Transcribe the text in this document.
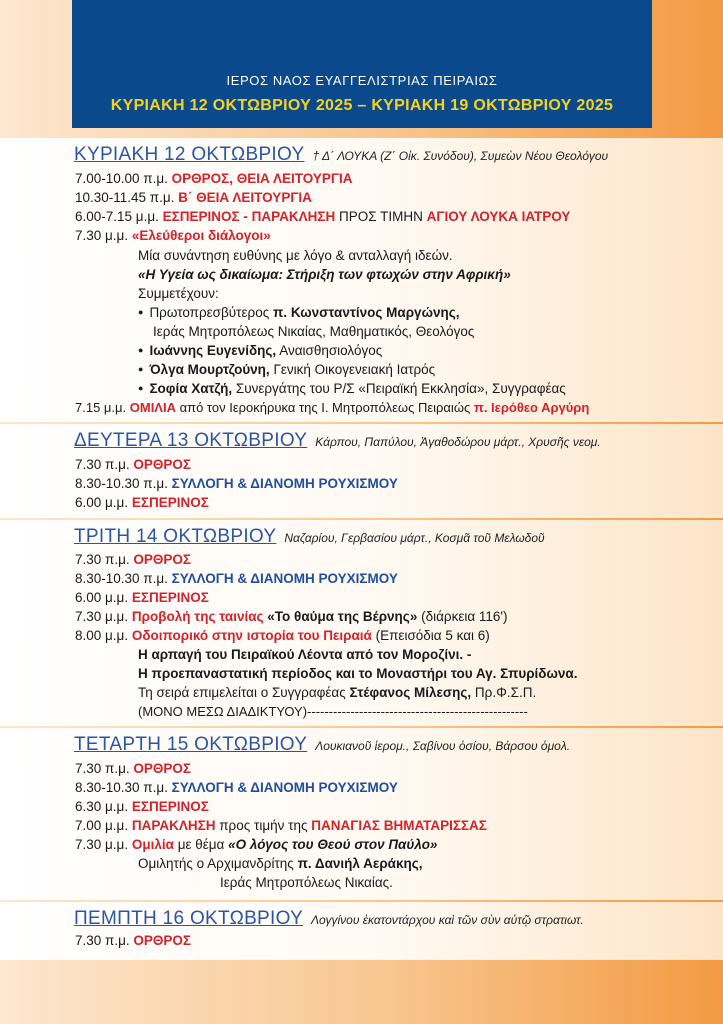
ΙΕΡΟΣ ΝΑΟΣ ΕΥΑΓΓΕΛΙΣΤΡΙΑΣ ΠΕΙΡΑΙΩΣ
ΚΥΡΙΑΚΗ 12 ΟΚΤΩΒΡΙΟΥ 2025 – ΚΥΡΙΑΚΗ 19 ΟΚΤΩΒΡΙΟΥ 2025
ΚΥΡΙΑΚΗ 12 ΟΚΤΩΒΡΙΟΥ † Δ΄ ΛΟΥΚΑ (Ζ΄ Οἰκ. Συνόδου), Συμεὼν Νέου Θεολόγου
7.00-10.00 π.μ. ΟΡΘΡΟΣ, ΘΕΙΑ ΛΕΙΤΟΥΡΓΙΑ
10.30-11.45 π.μ. Β΄ ΘΕΙΑ ΛΕΙΤΟΥΡΓΙΑ
6.00-7.15 μ.μ. ΕΣΠΕΡΙΝΟΣ - ΠΑΡΑΚΛΗΣΗ ΠΡΟΣ ΤΙΜΗΝ ΑΓΙΟΥ ΛΟΥΚΑ ΙΑΤΡΟΥ
7.30 μ.μ. «Ελεύθεροι διάλογοι»
Μία συνάντηση ευθύνης με λόγο & ανταλλαγή ιδεών.
«Η Υγεία ως δικαίωμα: Στήριξη των φτωχών στην Αφρική»
Συμμετέχουν:
● Πρωτοπρεσβύτερος π. Κωνσταντίνος Μαργώνης,
Ιεράς Μητροπόλεως Νικαίας, Μαθηματικός, Θεολόγος
● Ιωάννης Ευγενίδης, Αναισθησιολόγος
● Όλγα Μουρτζούνη, Γενική Οικογενειακή Ιατρός
● Σοφία Χατζή, Συνεργάτης του Ρ/Σ «Πειραϊκή Εκκλησία», Συγγραφέας
7.15 μ.μ. ΟΜΙΛΙΑ από τον Ιεροκήρυκα της Ι. Μητροπόλεως Πειραιώς π. Ιερόθεο Αργύρη
ΔΕΥΤΕΡΑ 13 ΟΚΤΩΒΡΙΟΥ Κάρπου, Παπύλου, Ἀγαθοδώρου μάρτ., Χρυσῆς νεομ.
7.30 π.μ. ΟΡΘΡΟΣ
8.30-10.30 π.μ. ΣΥΛΛΟΓΗ & ΔΙΑΝΟΜΗ ΡΟΥΧΙΣΜΟΥ
6.00 μ.μ. ΕΣΠΕΡΙΝΟΣ
ΤΡΙΤΗ 14 ΟΚΤΩΒΡΙΟΥ Ναζαρίου, Γερβασίου μάρτ., Κοσμᾶ τοῦ Μελωδοῦ
7.30 π.μ. ΟΡΘΡΟΣ
8.30-10.30 π.μ. ΣΥΛΛΟΓΗ & ΔΙΑΝΟΜΗ ΡΟΥΧΙΣΜΟΥ
6.00 μ.μ. ΕΣΠΕΡΙΝΟΣ
7.30 μ.μ. Προβολή της ταινίας «Το θαύμα της Βέρνης» (διάρκεια 116')
8.00 μ.μ. Οδοιπορικό στην ιστορία του Πειραιά (Επεισόδια 5 και 6)
Η αρπαγή του Πειραϊκού Λέοντα από τον Μοροζίνι. -
Η προεπαναστατική περίοδος και το Μοναστήρι του Αγ. Σπυρίδωνα.
Τη σειρά επιμελείται ο Συγγραφέας Στέφανος Μίλεσης, Πρ.Φ.Σ.Π.
(ΜΟΝΟ ΜΕΣΩ ΔΙΑΔΙΚΤΥΟΥ)---------------------------------------------------
ΤΕΤΑΡΤΗ 15 ΟΚΤΩΒΡΙΟΥ Λουκιανοῦ ἱερομ., Σαβίνου ὁσίου, Βάρσου ὁμολ.
7.30 π.μ. ΟΡΘΡΟΣ
8.30-10.30 π.μ. ΣΥΛΛΟΓΗ & ΔΙΑΝΟΜΗ ΡΟΥΧΙΣΜΟΥ
6.30 μ.μ. ΕΣΠΕΡΙΝΟΣ
7.00 μ.μ. ΠΑΡΑΚΛΗΣΗ προς τιμήν της ΠΑΝΑΓΙΑΣ ΒΗΜΑΤΑΡΙΣΣΑΣ
7.30 μ.μ. Ομιλία με θέμα «Ο λόγος του Θεού στον Παύλο»
Ομιλητής ο Αρχιμανδρίτης π. Δανιήλ Αεράκης,
Ιεράς Μητροπόλεως Νικαίας.
ΠΕΜΠΤΗ 16 ΟΚΤΩΒΡΙΟΥ Λογγίνου ἑκατοντάρχου καὶ τῶν σὺν αὐτῷ στρατιωτ.
7.30 π.μ. ΟΡΘΡΟΣ
